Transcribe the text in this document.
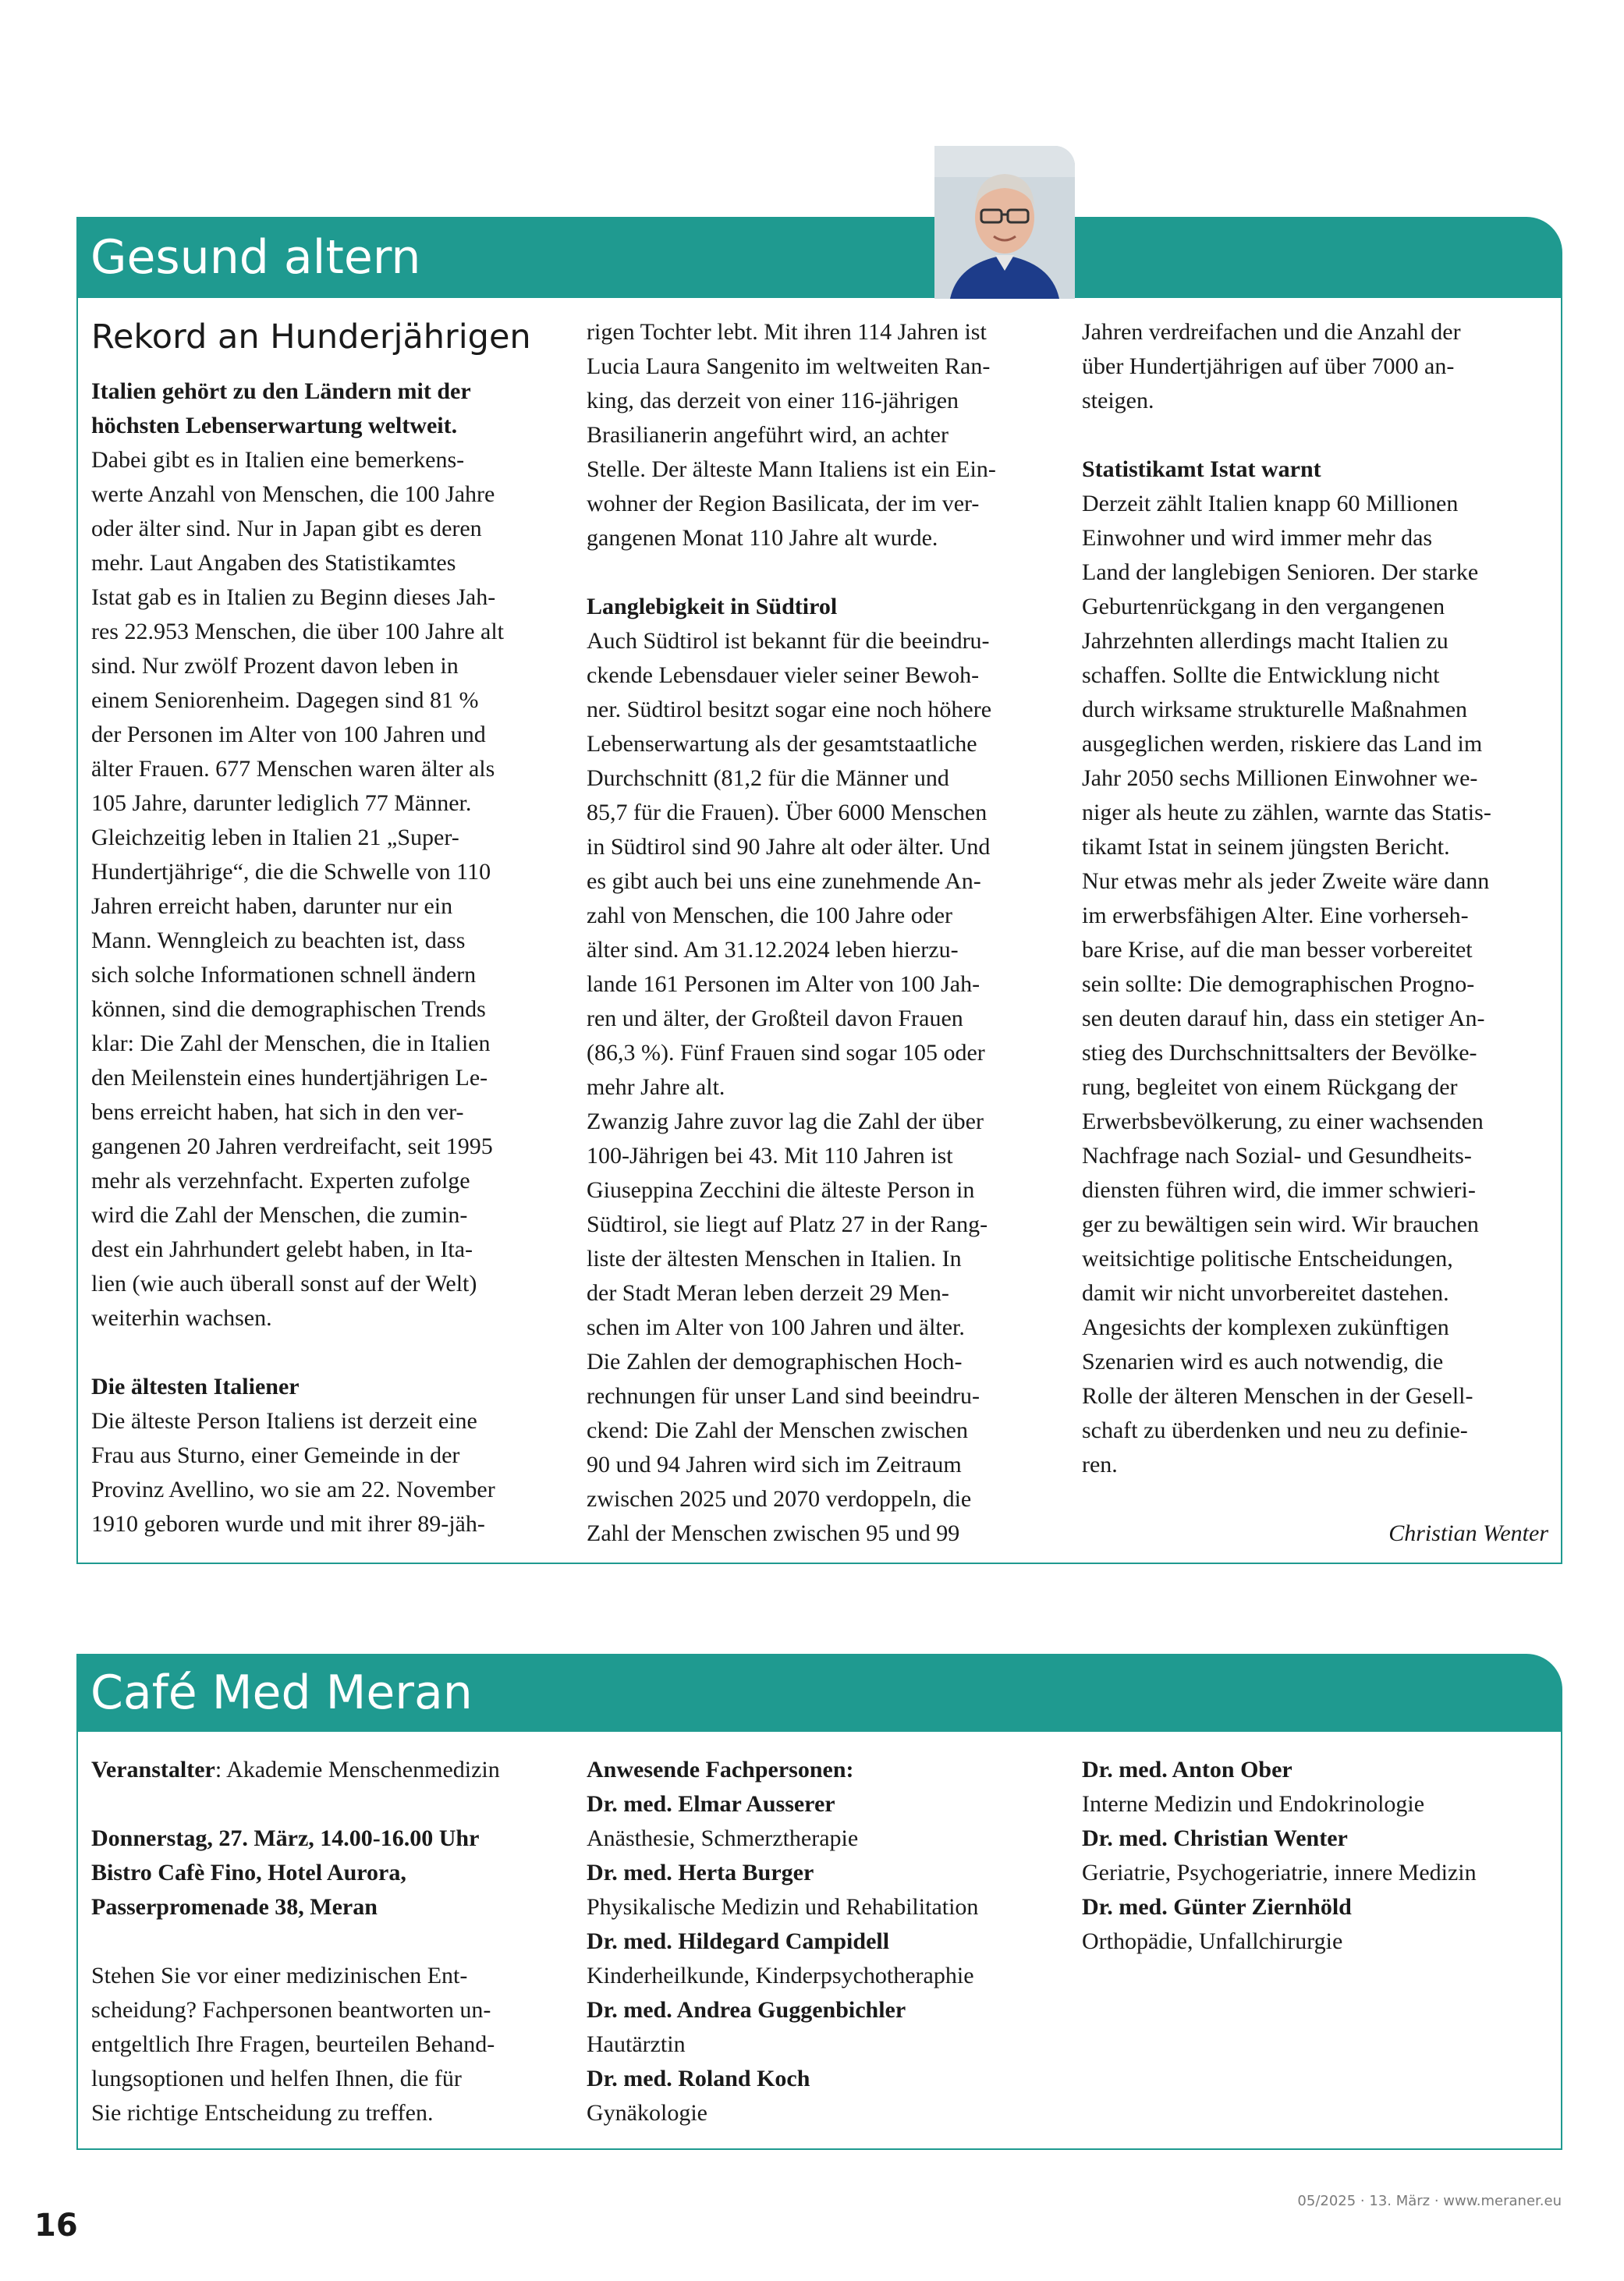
Gesund altern
Rekord an Hunderjährigen

Italien gehört zu den Ländern mit der

höchsten Lebenserwartung weltweit.

Dabei gibt es in Italien eine bemerkens-

werte Anzahl von Menschen, die 100 Jahre

oder älter sind. Nur in Japan gibt es deren

mehr. Laut Angaben des Statistikamtes

Istat gab es in Italien zu Beginn dieses Jah-

res 22.953 Menschen, die über 100 Jahre alt

sind. Nur zwölf Prozent davon leben in

einem Seniorenheim. Dagegen sind 81 %

der Personen im Alter von 100 Jahren und

älter Frauen. 677 Menschen waren älter als

105 Jahre, darunter lediglich 77 Männer.

Gleichzeitig leben in Italien 21 „Super-

Hundertjährige“, die die Schwelle von 110

Jahren erreicht haben, darunter nur ein

Mann. Wenngleich zu beachten ist, dass

sich solche Informationen schnell ändern

können, sind die demographischen Trends

klar: Die Zahl der Menschen, die in Italien

den Meilenstein eines hundertjährigen Le-

bens erreicht haben, hat sich in den ver-

gangenen 20 Jahren verdreifacht, seit 1995

mehr als verzehnfacht. Experten zufolge

wird die Zahl der Menschen, die zumin-

dest ein Jahrhundert gelebt haben, in Ita-

lien (wie auch überall sonst auf der Welt)

weiterhin wachsen.

Die ältesten Italiener

Die älteste Person Italiens ist derzeit eine

Frau aus Sturno, einer Gemeinde in der

Provinz Avellino, wo sie am 22. November

1910 geboren wurde und mit ihrer 89-jäh-

rigen Tochter lebt. Mit ihren 114 Jahren ist

Lucia Laura Sangenito im weltweiten Ran-

king, das derzeit von einer 116-jährigen

Brasilianerin angeführt wird, an achter

Stelle. Der älteste Mann Italiens ist ein Ein-

wohner der Region Basilicata, der im ver-

gangenen Monat 110 Jahre alt wurde.

Langlebigkeit in Südtirol

Auch Südtirol ist bekannt für die beeindru-

ckende Lebensdauer vieler seiner Bewoh-

ner. Südtirol besitzt sogar eine noch höhere

Lebenserwartung als der gesamtstaatliche

Durchschnitt (81,2 für die Männer und

85,7 für die Frauen). Über 6000 Menschen

in Südtirol sind 90 Jahre alt oder älter. Und

es gibt auch bei uns eine zunehmende An-

zahl von Menschen, die 100 Jahre oder

älter sind. Am 31.12.2024 leben hierzu-

lande 161 Personen im Alter von 100 Jah-

ren und älter, der Großteil davon Frauen

(86,3 %). Fünf Frauen sind sogar 105 oder

mehr Jahre alt.

Zwanzig Jahre zuvor lag die Zahl der über

100-Jährigen bei 43. Mit 110 Jahren ist

Giuseppina Zecchini die älteste Person in

Südtirol, sie liegt auf Platz 27 in der Rang-

liste der ältesten Menschen in Italien. In

der Stadt Meran leben derzeit 29 Men-

schen im Alter von 100 Jahren und älter.

Die Zahlen der demographischen Hoch-

rechnungen für unser Land sind beeindru-

ckend: Die Zahl der Menschen zwischen

90 und 94 Jahren wird sich im Zeitraum

zwischen 2025 und 2070 verdoppeln, die

Zahl der Menschen zwischen 95 und 99

Jahren verdreifachen und die Anzahl der

über Hundertjährigen auf über 7000 an-

steigen.

Statistikamt Istat warnt

Derzeit zählt Italien knapp 60 Millionen

Einwohner und wird immer mehr das

Land der langlebigen Senioren. Der starke

Geburtenrückgang in den vergangenen

Jahrzehnten allerdings macht Italien zu

schaffen. Sollte die Entwicklung nicht

durch wirksame strukturelle Maßnahmen

ausgeglichen werden, riskiere das Land im

Jahr 2050 sechs Millionen Einwohner we-

niger als heute zu zählen, warnte das Statis-

tikamt Istat in seinem jüngsten Bericht.

Nur etwas mehr als jeder Zweite wäre dann

im erwerbsfähigen Alter. Eine vorherseh-

bare Krise, auf die man besser vorbereitet

sein sollte: Die demographischen Progno-

sen deuten darauf hin, dass ein stetiger An-

stieg des Durchschnittsalters der Bevölke-

rung, begleitet von einem Rückgang der

Erwerbsbevölkerung, zu einer wachsenden

Nachfrage nach Sozial- und Gesundheits-

diensten führen wird, die immer schwieri-

ger zu bewältigen sein wird. Wir brauchen

weitsichtige politische Entscheidungen,

damit wir nicht unvorbereitet dastehen.

Angesichts der komplexen zukünftigen

Szenarien wird es auch notwendig, die

Rolle der älteren Menschen in der Gesell-

schaft zu überdenken und neu zu definie-

ren.

Christian Wenter

Café Med Meran

Veranstalter: Akademie Menschenmedizin

Donnerstag, 27. März, 14.00-16.00 Uhr

Bistro Cafè Fino, Hotel Aurora,

Passerpromenade 38, Meran

Stehen Sie vor einer medizinischen Ent-

scheidung? Fachpersonen beantworten un-

entgeltlich Ihre Fragen, beurteilen Behand-

lungsoptionen und helfen Ihnen, die für

Sie richtige Entscheidung zu treffen.

Anwesende Fachpersonen:

Dr. med. Elmar Ausserer

Anästhesie, Schmerztherapie

Dr. med. Herta Burger

Physikalische Medizin und Rehabilitation

Dr. med. Hildegard Campidell

Kinderheilkunde, Kinderpsychotheraphie

Dr. med. Andrea Guggenbichler

Hautärztin

Dr. med. Roland Koch

Gynäkologie

Dr. med. Anton Ober

Interne Medizin und Endokrinologie

Dr. med. Christian Wenter

Geriatrie, Psychogeriatrie, innere Medizin

Dr. med. Günter Ziernhöld

Orthopädie, Unfallchirurgie

16
05/2025 · 13. März · www.meraner.eu
